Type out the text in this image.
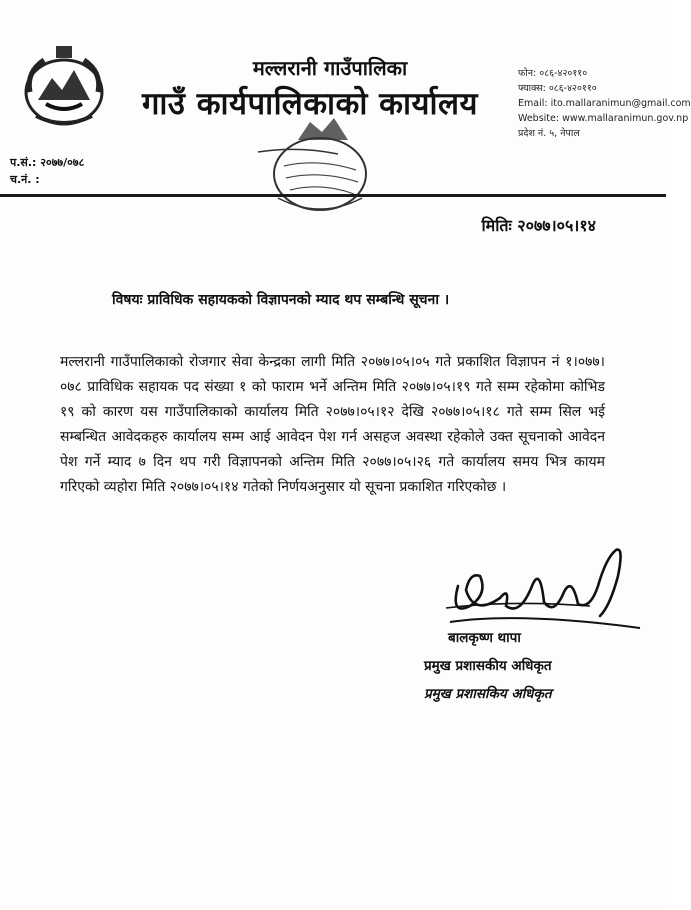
मल्लरानी गाउँपालिका
गाउँ कार्यपालिकाको कार्यालय
फोन: ०८६-४२०११०
फ्याक्स: ०८६-४२०११०
Email: ito.mallaranimun@gmail.com
Website: www.mallaranimun.gov.np
प्रदेश नं. ५, नेपाल
प.सं.: २०७७/०७८
च.नं. :
मितिः २०७७।०५।१४
विषयः प्राविधिक सहायकको विज्ञापनको म्याद थप सम्बन्धि सूचना ।
मल्लरानी गाउँपालिकाको रोजगार सेवा केन्द्रका लागी मिति २०७७।०५।०५ गते प्रकाशित विज्ञापन नं १।०७७।०७८ प्राविधिक सहायक पद संख्या १ को फाराम भर्ने अन्तिम मिति २०७७।०५।१९ गते सम्म रहेकोमा कोभिड १९ को कारण यस गाउँपालिकाको कार्यालय मिति २०७७।०५।१२ देखि २०७७।०५।१८ गते सम्म सिल भई सम्बन्धित आवेदकहरु कार्यालय सम्म आई आवेदन पेश गर्न असहज अवस्था रहेकोले उक्त सूचनाको आवेदन पेश गर्ने म्याद ७ दिन थप गरी विज्ञापनको अन्तिम मिति २०७७।०५।२६ गते कार्यालय समय भित्र कायम गरिएको व्यहोरा मिति २०७७।०५।१४ गतेको निर्णयअनुसार यो सूचना प्रकाशित गरिएकोछ ।
बालकृष्ण थापा
प्रमुख प्रशासकीय अधिकृत
प्रमुख प्रशासकिय अधिकृत
